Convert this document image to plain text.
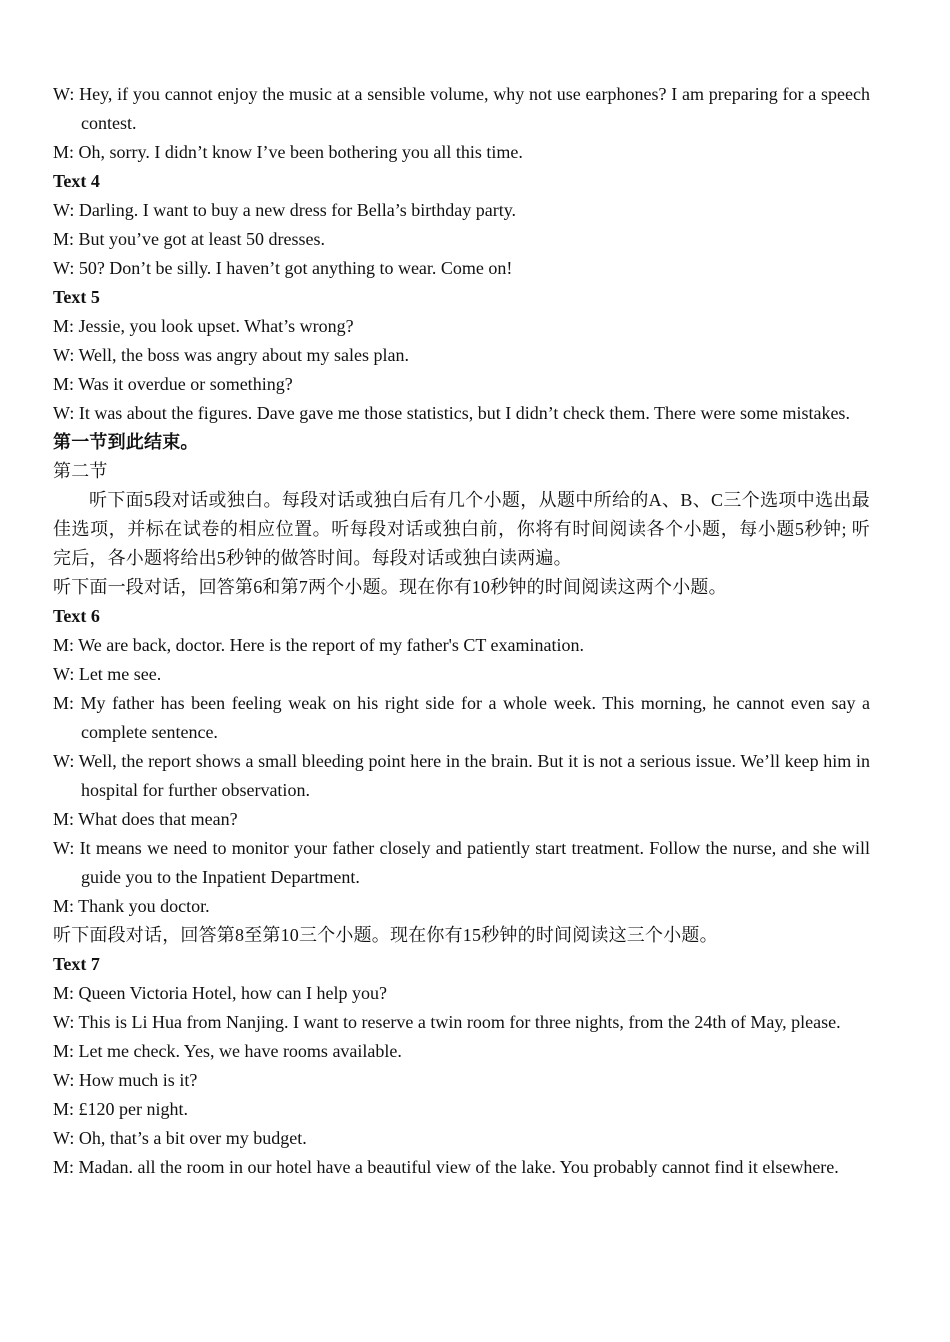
W: Hey, if you cannot enjoy the music at a sensible volume, why not use earphones? I am preparing for a speech contest.

M: Oh, sorry. I didn’t know I’ve been bothering you all this time.

Text 4

W: Darling. I want to buy a new dress for Bella’s birthday party.

M: But you’ve got at least 50 dresses.

W: 50? Don’t be silly. I haven’t got anything to wear. Come on!

Text 5

M: Jessie, you look upset. What’s wrong?

W: Well, the boss was angry about my sales plan.

M: Was it overdue or something?

W: It was about the figures. Dave gave me those statistics, but I didn’t check them. There were some mistakes.

第一节到此结束。

第二节

听下面5段对话或独白。每段对话或独白后有几个小题，从题中所给的A、B、C三个选项中选出最佳选项，并标在试卷的相应位置。听每段对话或独白前，你将有时间阅读各个小题，每小题5秒钟; 听完后，各小题将给出5秒钟的做答时间。每段对话或独白读两遍。

听下面一段对话，回答第6和第7两个小题。现在你有10秒钟的时间阅读这两个小题。

Text 6

M: We are back, doctor. Here is the report of my father's CT examination.

W: Let me see.

M: My father has been feeling weak on his right side for a whole week. This morning, he cannot even say a complete sentence.

W: Well, the report shows a small bleeding point here in the brain. But it is not a serious issue. We’ll keep him in hospital for further observation.

M: What does that mean?

W: It means we need to monitor your father closely and patiently start treatment. Follow the nurse, and she will guide you to the Inpatient Department.

M: Thank you doctor.

听下面段对话，回答第8至第10三个小题。现在你有15秒钟的时间阅读这三个小题。

Text 7

M: Queen Victoria Hotel, how can I help you?

W: This is Li Hua from Nanjing. I want to reserve a twin room for three nights, from the 24th of May, please.

M: Let me check. Yes, we have rooms available.

W: How much is it?

M: £120 per night.

W: Oh, that’s a bit over my budget.

M: Madan. all the room in our hotel have a beautiful view of the lake. You probably cannot find it elsewhere.
